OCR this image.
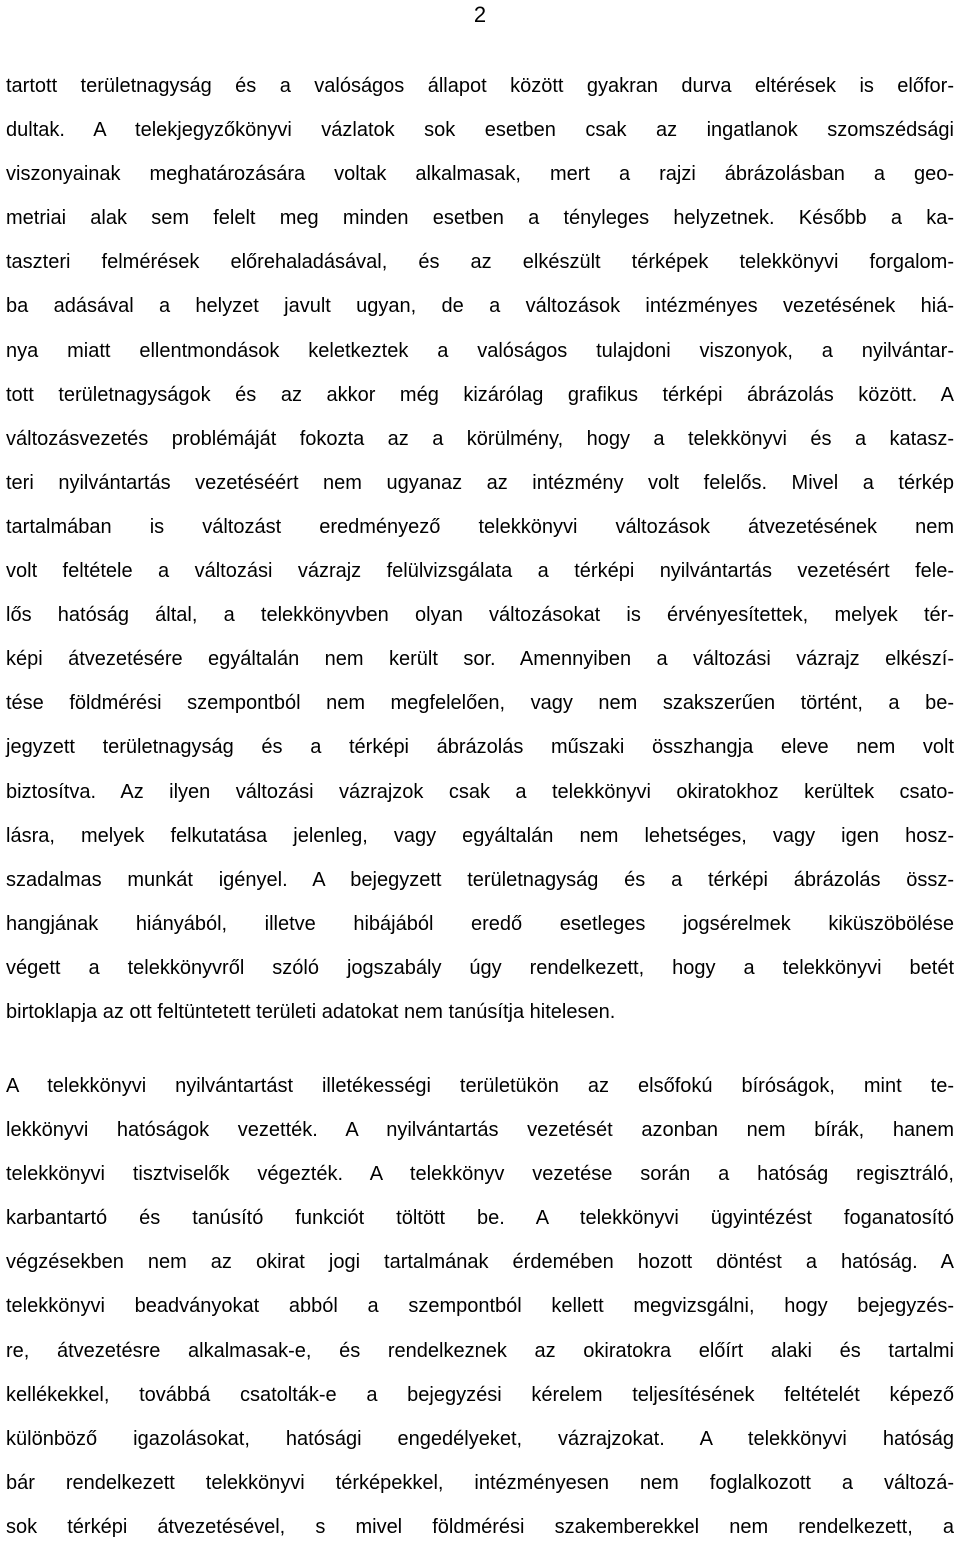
2
tartott területnagyság és a valóságos állapot között gyakran durva eltérések is előfor-
dultak. A telekjegyzőkönyvi vázlatok sok esetben csak az ingatlanok szomszédsági
viszonyainak meghatározására voltak alkalmasak, mert a rajzi ábrázolásban a geo-
metriai alak sem felelt meg minden esetben a tényleges helyzetnek. Később a ka-
taszteri felmérések előrehaladásával, és az elkészült térképek telekkönyvi forgalom-
ba adásával a helyzet javult ugyan, de a változások intézményes vezetésének hiá-
nya miatt ellentmondások keletkeztek a valóságos tulajdoni viszonyok, a nyilvántar-
tott területnagyságok és az akkor még kizárólag grafikus térképi ábrázolás között. A
változásvezetés problémáját fokozta az a körülmény, hogy a telekkönyvi és a katasz-
teri nyilvántartás vezetéséért nem ugyanaz az intézmény volt felelős. Mivel a térkép
tartalmában is változást eredményező telekkönyvi változások átvezetésének nem
volt feltétele a változási vázrajz felülvizsgálata a térképi nyilvántartás vezetésért fele-
lős hatóság által, a telekkönyvben olyan változásokat is érvényesítettek, melyek tér-
képi átvezetésére egyáltalán nem került sor. Amennyiben a változási vázrajz elkészí-
tése földmérési szempontból nem megfelelően, vagy nem szakszerűen történt, a be-
jegyzett területnagyság és a térképi ábrázolás műszaki összhangja eleve nem volt
biztosítva. Az ilyen változási vázrajzok csak a telekkönyvi okiratokhoz kerültek csato-
lásra, melyek felkutatása jelenleg, vagy egyáltalán nem lehetséges, vagy igen hosz-
szadalmas munkát igényel. A bejegyzett területnagyság és a térképi ábrázolás össz-
hangjának hiányából, illetve hibájából eredő esetleges jogsérelmek kiküszöbölése
végett a telekkönyvről szóló jogszabály úgy rendelkezett, hogy a telekkönyvi betét
birtoklapja az ott feltüntetett területi adatokat nem tanúsítja hitelesen.
A telekkönyvi nyilvántartást illetékességi területükön az elsőfokú bíróságok, mint te-
lekkönyvi hatóságok vezették. A nyilvántartás vezetését azonban nem bírák, hanem
telekkönyvi tisztviselők végezték. A telekkönyv vezetése során a hatóság regisztráló,
karbantartó és tanúsító funkciót töltött be. A telekkönyvi ügyintézést foganatosító
végzésekben nem az okirat jogi tartalmának érdemében hozott döntést a hatóság. A
telekkönyvi beadványokat abból a szempontból kellett megvizsgálni, hogy bejegyzés-
re, átvezetésre alkalmasak-e, és rendelkeznek az okiratokra előírt alaki és tartalmi
kellékekkel, továbbá csatolták-e a bejegyzési kérelem teljesítésének feltételét képező
különböző igazolásokat, hatósági engedélyeket, vázrajzokat. A telekkönyvi hatóság
bár rendelkezett telekkönyvi térképekkel, intézményesen nem foglalkozott a változá-
sok térképi átvezetésével, s mivel földmérési szakemberekkel nem rendelkezett, a
